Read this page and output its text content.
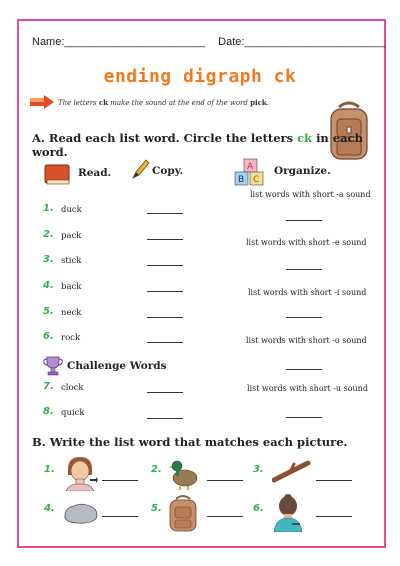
Name:_______________________ Date:_______________________
ending digraph ck
The letters ck make the sound at the end of the word pick.
A. Read each list word. Circle the letters ck in each word.
Read.	Copy.	A
B C
Organize.
1. duck
2. pack
3. stick
4. back
5. neck
6. rock
Challenge Words
7. clock
8. quick
list words with short -a sound
list words with short -e sound
list words with short -i sound
list words with short -o sound
list words with short -u sound
B. Write the list word that matches each picture.
1.	2.	3.
4.	5.	6.
